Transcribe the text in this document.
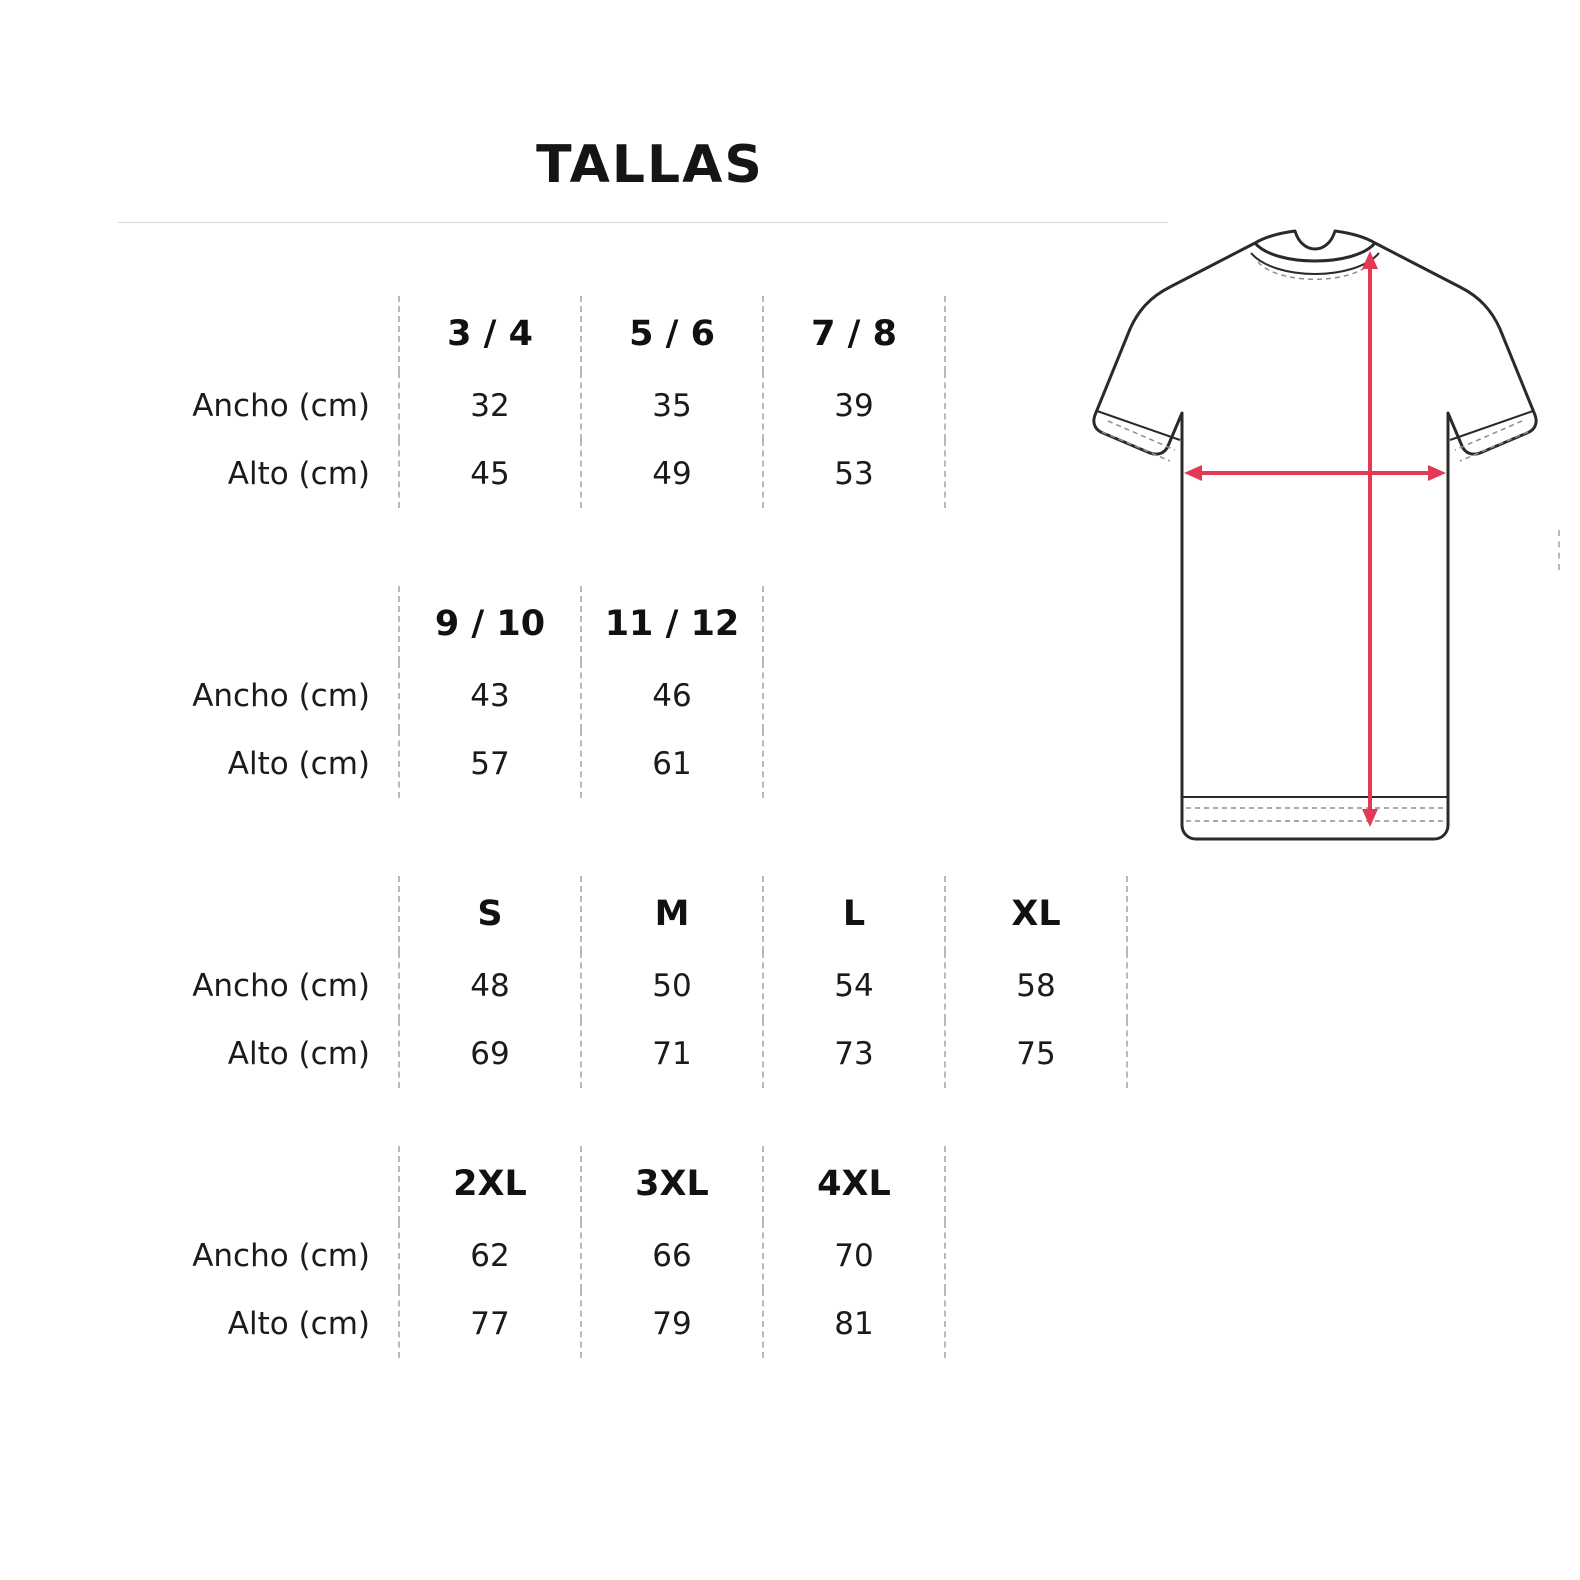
TALLAS
	3 / 4	5 / 6	7 / 8
Ancho (cm)	32	35	39
Alto (cm)	45	49	53
	9 / 10	11 / 12
Ancho (cm)	43	46
Alto (cm)	57	61
	S	M	L	XL
Ancho (cm)	48	50	54	58
Alto (cm)	69	71	73	75
	2XL	3XL	4XL
Ancho (cm)	62	66	70
Alto (cm)	77	79	81
